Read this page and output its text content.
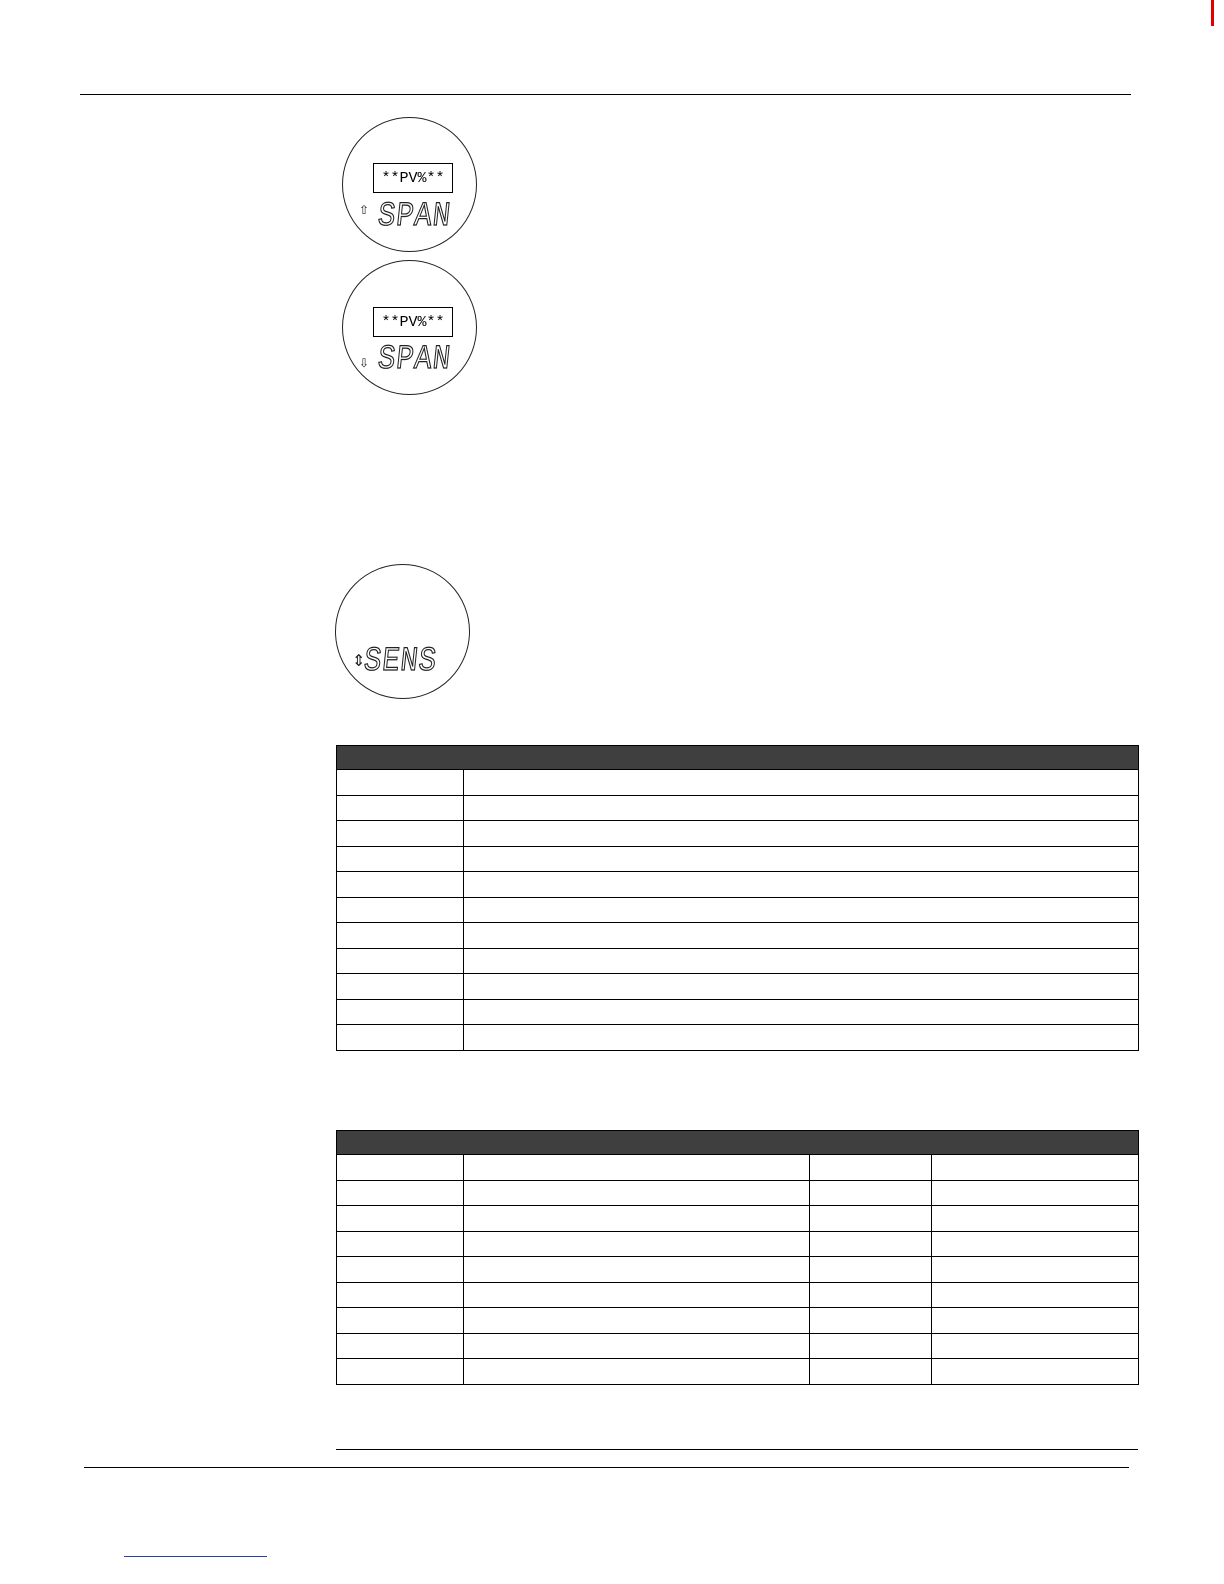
**PV%**
⇧ SPAN
**PV%**
⇩ SPAN
⇕
SENS
